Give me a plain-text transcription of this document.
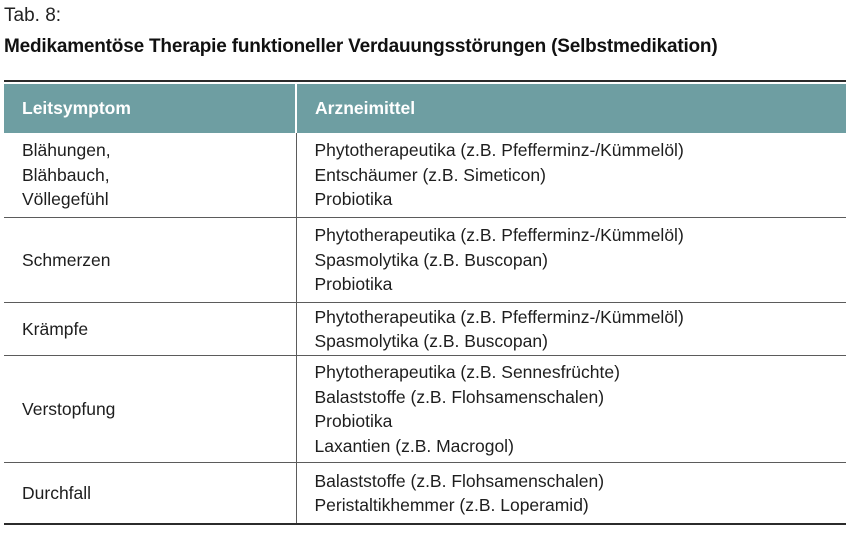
Tab. 8:
Medikamentöse Therapie funktioneller Verdauungsstörungen (Selbstmedikation)
Leitsymptom	Arzneimittel

Blähungen,
Blähbauch,
Völlegefühl	Phytotherapeutika (z.B. Pfefferminz-/Kümmelöl)
Entschäumer (z.B. Simeticon)
Probiotika

Schmerzen	Phytotherapeutika (z.B. Pfefferminz-/Kümmelöl)
Spasmolytika (z.B. Buscopan)
Probiotika

Krämpfe	Phytotherapeutika (z.B. Pfefferminz-/Kümmelöl)
Spasmolytika (z.B. Buscopan)

Verstopfung	Phytotherapeutika (z.B. Sennesfrüchte)
Balaststoffe (z.B. Flohsamenschalen)
Probiotika
Laxantien (z.B. Macrogol)

Durchfall	Balaststoffe (z.B. Flohsamenschalen)
Peristaltikhemmer (z.B. Loperamid)
